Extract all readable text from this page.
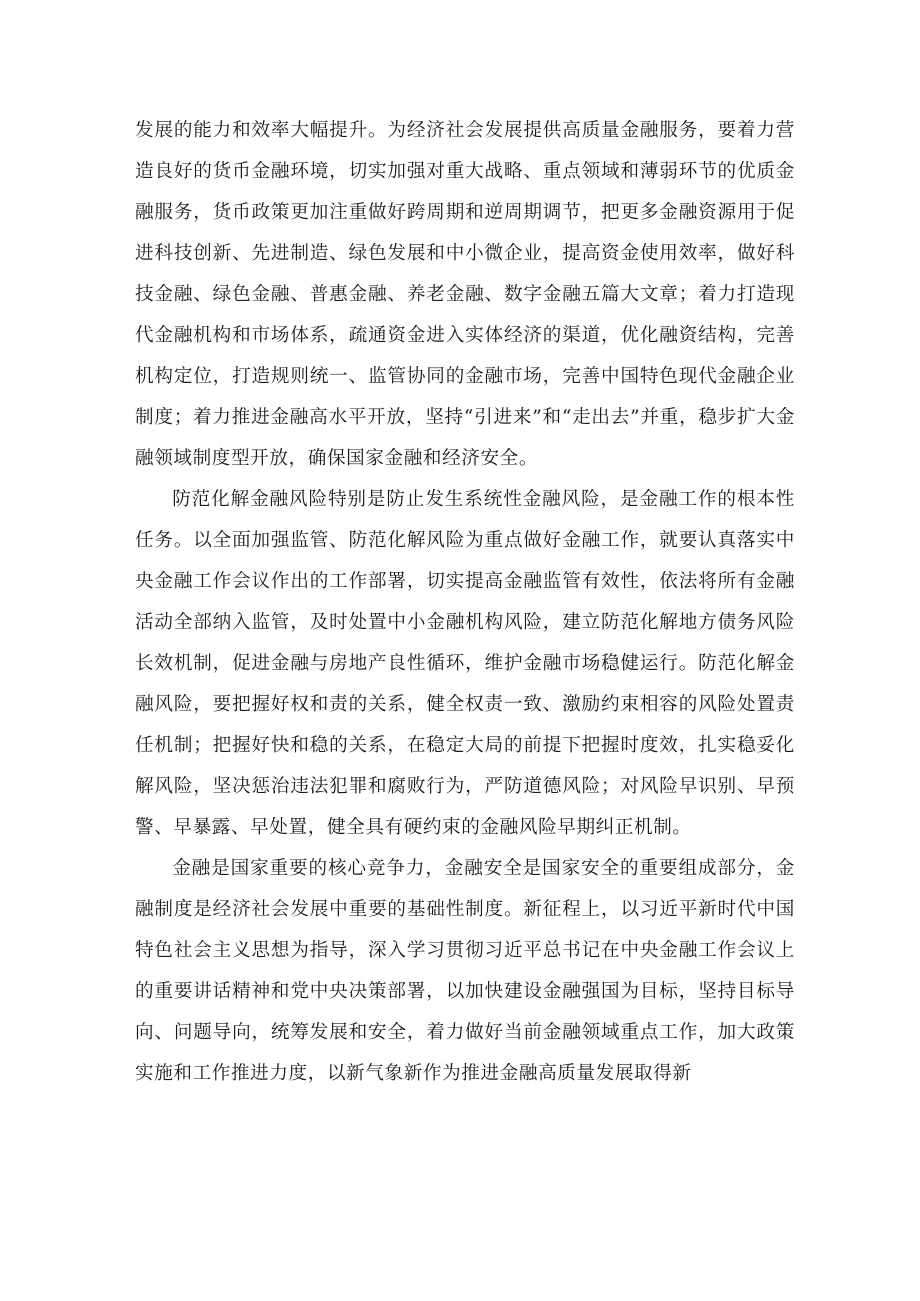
发展的能力和效率大幅提升。为经济社会发展提供高质量金融服务，要着力营造良好的货币金融环境，切实加强对重大战略、重点领域和薄弱环节的优质金融服务，货币政策更加注重做好跨周期和逆周期调节，把更多金融资源用于促进科技创新、先进制造、绿色发展和中小微企业，提高资金使用效率，做好科技金融、绿色金融、普惠金融、养老金融、数字金融五篇大文章；着力打造现代金融机构和市场体系，疏通资金进入实体经济的渠道，优化融资结构，完善机构定位，打造规则统一、监管协同的金融市场，完善中国特色现代金融企业制度；着力推进金融高水平开放，坚持“引进来”和“走出去”并重，稳步扩大金融领域制度型开放，确保国家金融和经济安全。

防范化解金融风险特别是防止发生系统性金融风险，是金融工作的根本性任务。以全面加强监管、防范化解风险为重点做好金融工作，就要认真落实中央金融工作会议作出的工作部署，切实提高金融监管有效性，依法将所有金融活动全部纳入监管，及时处置中小金融机构风险，建立防范化解地方债务风险长效机制，促进金融与房地产良性循环，维护金融市场稳健运行。防范化解金融风险，要把握好权和责的关系，健全权责一致、激励约束相容的风险处置责任机制；把握好快和稳的关系，在稳定大局的前提下把握时度效，扎实稳妥化解风险，坚决惩治违法犯罪和腐败行为，严防道德风险；对风险早识别、早预警、早暴露、早处置，健全具有硬约束的金融风险早期纠正机制。

金融是国家重要的核心竞争力，金融安全是国家安全的重要组成部分，金融制度是经济社会发展中重要的基础性制度。新征程上，以习近平新时代中国特色社会主义思想为指导，深入学习贯彻习近平总书记在中央金融工作会议上的重要讲话精神和党中央决策部署，以加快建设金融强国为目标，坚持目标导向、问题导向，统筹发展和安全，着力做好当前金融领域重点工作，加大政策实施和工作推进力度，以新气象新作为推进金融高质量发展取得新
